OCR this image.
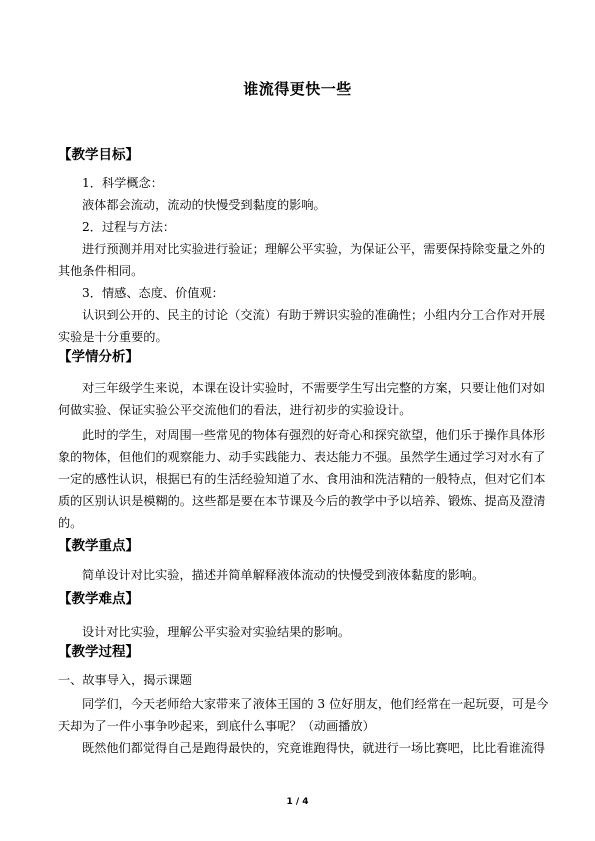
谁流得更快一些
【教学目标】
1．科学概念：
液体都会流动，流动的快慢受到黏度的影响。
2．过程与方法：
进行预测并用对比实验进行验证；理解公平实验，为保证公平，需要保持除变量之外的
其他条件相同。
3．情感、态度、价值观：
认识到公开的、民主的讨论（交流）有助于辨识实验的准确性；小组内分工合作对开展
实验是十分重要的。
【学情分析】
对三年级学生来说，本课在设计实验时，不需要学生写出完整的方案，只要让他们对如
何做实验、保证实验公平交流他们的看法，进行初步的实验设计。
此时的学生，对周围一些常见的物体有强烈的好奇心和探究欲望，他们乐于操作具体形
象的物体，但他们的观察能力、动手实践能力、表达能力不强。虽然学生通过学习对水有了
一定的感性认识，根据已有的生活经验知道了水、食用油和洗洁精的一般特点，但对它们本
质的区别认识是模糊的。这些都是要在本节课及今后的教学中予以培养、锻炼、提高及澄清
的。
【教学重点】
简单设计对比实验，描述并简单解释液体流动的快慢受到液体黏度的影响。
【教学难点】
设计对比实验，理解公平实验对实验结果的影响。
【教学过程】
一、故事导入，揭示课题
同学们，今天老师给大家带来了液体王国的 3 位好朋友，他们经常在一起玩耍，可是今
天却为了一件小事争吵起来，到底什么事呢？（动画播放）
既然他们都觉得自己是跑得最快的，究竟谁跑得快，就进行一场比赛吧，比比看谁流得
1 / 4
